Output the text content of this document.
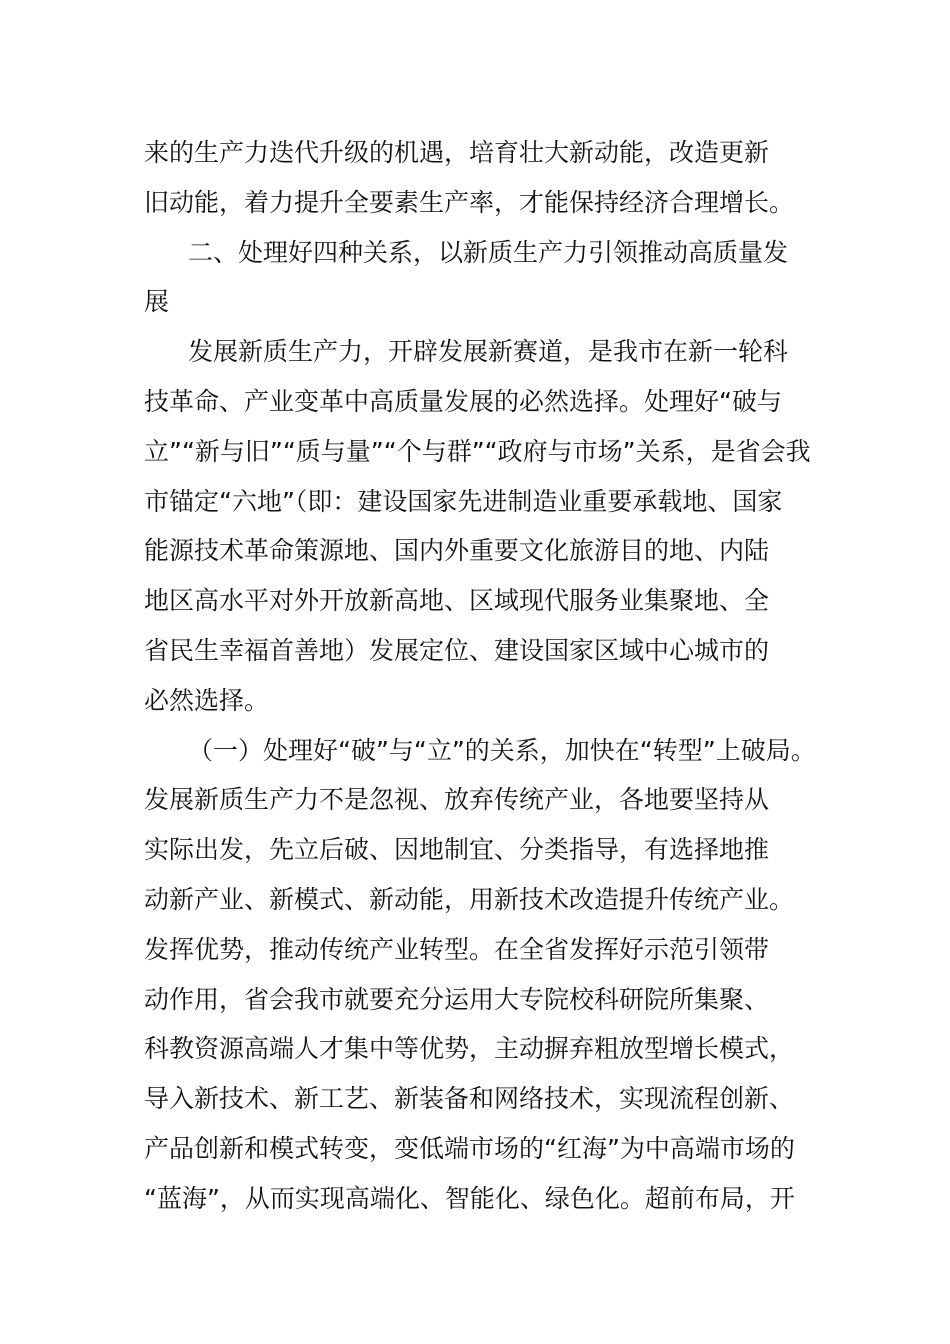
来的生产力迭代升级的机遇，培育壮大新动能，改造更新
旧动能，着力提升全要素生产率，才能保持经济合理增长。
二、处理好四种关系，以新质生产力引领推动高质量发
展
发展新质生产力，开辟发展新赛道，是我市在新一轮科
技革命、产业变革中高质量发展的必然选择。处理好“破与
立”“新与旧”“质与量”“个与群”“政府与市场”关系，是省会我
市锚定“六地”（即：建设国家先进制造业重要承载地、国家
能源技术革命策源地、国内外重要文化旅游目的地、内陆
地区高水平对外开放新高地、区域现代服务业集聚地、全
省民生幸福首善地）发展定位、建设国家区域中心城市的
必然选择。
（一）处理好“破”与“立”的关系，加快在“转型”上破局。
发展新质生产力不是忽视、放弃传统产业，各地要坚持从
实际出发，先立后破、因地制宜、分类指导，有选择地推
动新产业、新模式、新动能，用新技术改造提升传统产业。
发挥优势，推动传统产业转型。在全省发挥好示范引领带
动作用，省会我市就要充分运用大专院校科研院所集聚、
科教资源高端人才集中等优势，主动摒弃粗放型增长模式，
导入新技术、新工艺、新装备和网络技术，实现流程创新、
产品创新和模式转变，变低端市场的“红海”为中高端市场的
“蓝海”，从而实现高端化、智能化、绿色化。超前布局，开
